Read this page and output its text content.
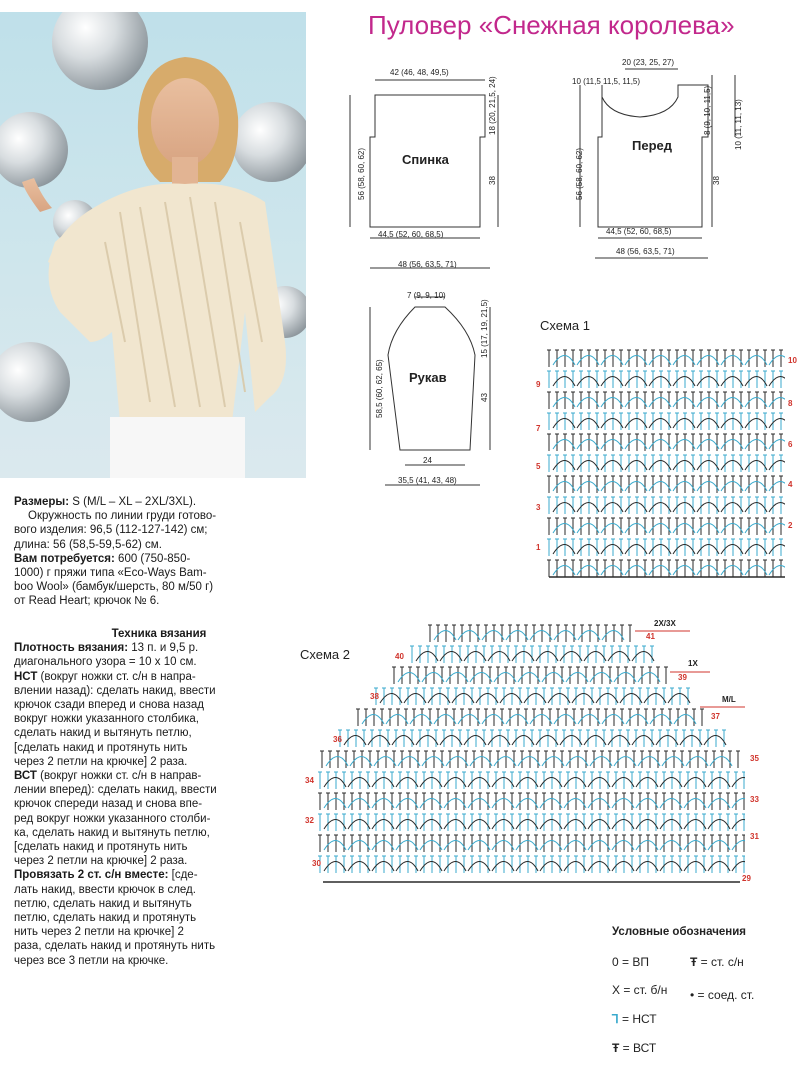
Пуловер «Снежная королева»
Спинка
42 (46, 48, 49,5)
56 (58, 60, 62)
18 (20, 21,5, 24)
38
44,5 (52, 60, 68,5)
48 (56, 63,5, 71)
Перед
20 (23, 25, 27)
10 (11,5 11,5, 11,5)
56 (58, 60, 62)
8 (9, 10, 11,5)	10 (11, 11, 13)
38
44,5 (52, 60, 68,5)
48 (56, 63,5, 71)
Рукав
7 (9, 9, 10)
58,5 (60, 62, 65)
15 (17, 19, 21,5)
43
24
35,5 (41, 43, 48)
Схема 1
Схема 2
2X/3X
1X
M/L
Размеры: S (M/L – XL – 2XL/3XL).
Окружность по линии груди готово-
вого изделия: 96,5 (112-127-142) см;
длина: 56 (58,5-59,5-62) см.
Вам потребуется: 600 (750-850-
1000) г пряжи типа «Eco-Ways Bam-
boo Wool» (бамбук/шерсть, 80 м/50 г)
от Read Heart; крючок № 6.
Техника вязания
Плотность вязания: 13 п. и 9,5 р.
диагонального узора = 10 х 10 см.
НСТ (вокруг ножки ст. с/н в напра-
влении назад): сделать накид, ввести
крючок сзади вперед и снова назад
вокруг ножки указанного столбика,
сделать накид и вытянуть петлю,
[сделать накид и протянуть нить
через 2 петли на крючке] 2 раза.
ВСТ (вокруг ножки ст. с/н в направ-
лении вперед): сделать накид, ввести
крючок спереди назад и снова впе-
ред вокруг ножки указанного столби-
ка, сделать накид и вытянуть петлю,
[сделать накид и протянуть нить
через 2 петли на крючке] 2 раза.
Провязать 2 ст. с/н вместе: [сде-
лать накид, ввести крючок в след.
петлю, сделать накид и вытянуть
петлю, сделать накид и протянуть
нить через 2 петли на крючке] 2
раза, сделать накид и протянуть нить
через все 3 петли на крючке.
Условные обозначения
0 = ВП	Ŧ = ст. с/н
X = ст. б/н • = соед. ст.
Ꞁ = НСТ
Ŧ = ВСТ
9
7
5
3
1
10
8
6
4
2
40
38
36
34
32
30
41
39
37
35
33
31
29
